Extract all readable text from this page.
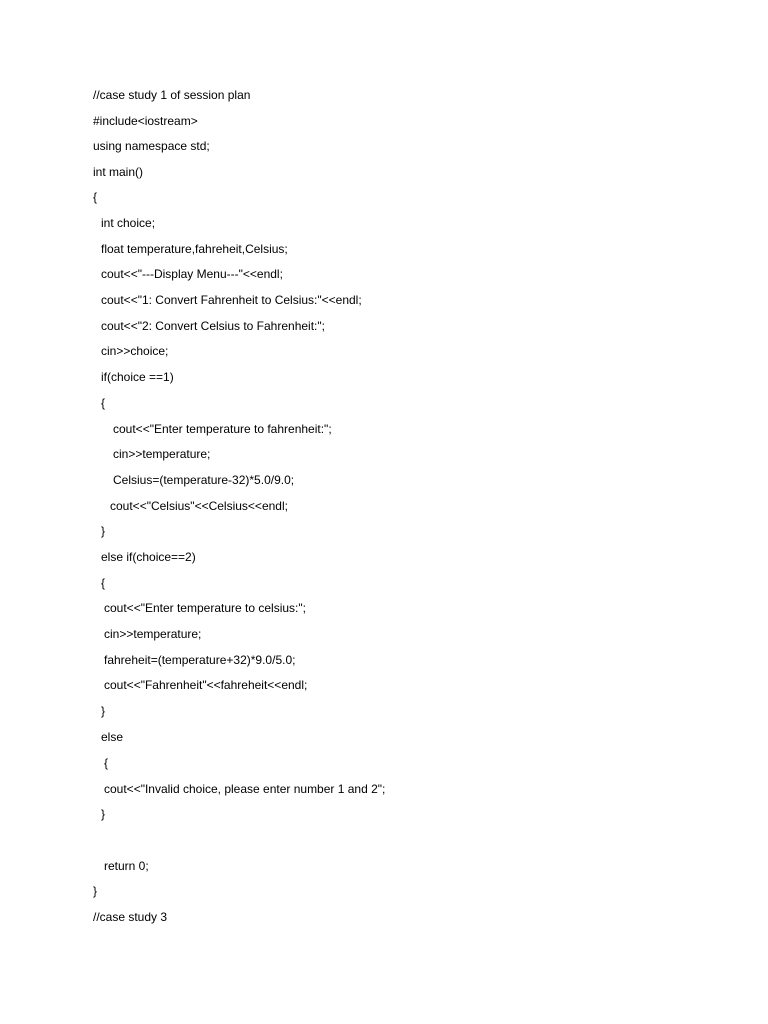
//case study 1 of session plan
#include<iostream>
using namespace std;
int main()
{
int choice;
float temperature,fahreheit,Celsius;
cout<<"---Display Menu---"<<endl;
cout<<"1: Convert Fahrenheit to Celsius:"<<endl;
cout<<"2: Convert Celsius to Fahrenheit:";
cin>>choice;
if(choice ==1)
{
cout<<"Enter temperature to fahrenheit:";
cin>>temperature;
Celsius=(temperature-32)*5.0/9.0;
cout<<"Celsius"<<Celsius<<endl;
}
else if(choice==2)
{
cout<<"Enter temperature to celsius:";
cin>>temperature;
fahreheit=(temperature+32)*9.0/5.0;
cout<<"Fahrenheit"<<fahreheit<<endl;
}
else
{
cout<<"Invalid choice, please enter number 1 and 2";
}
return 0;
}
//case study 3
